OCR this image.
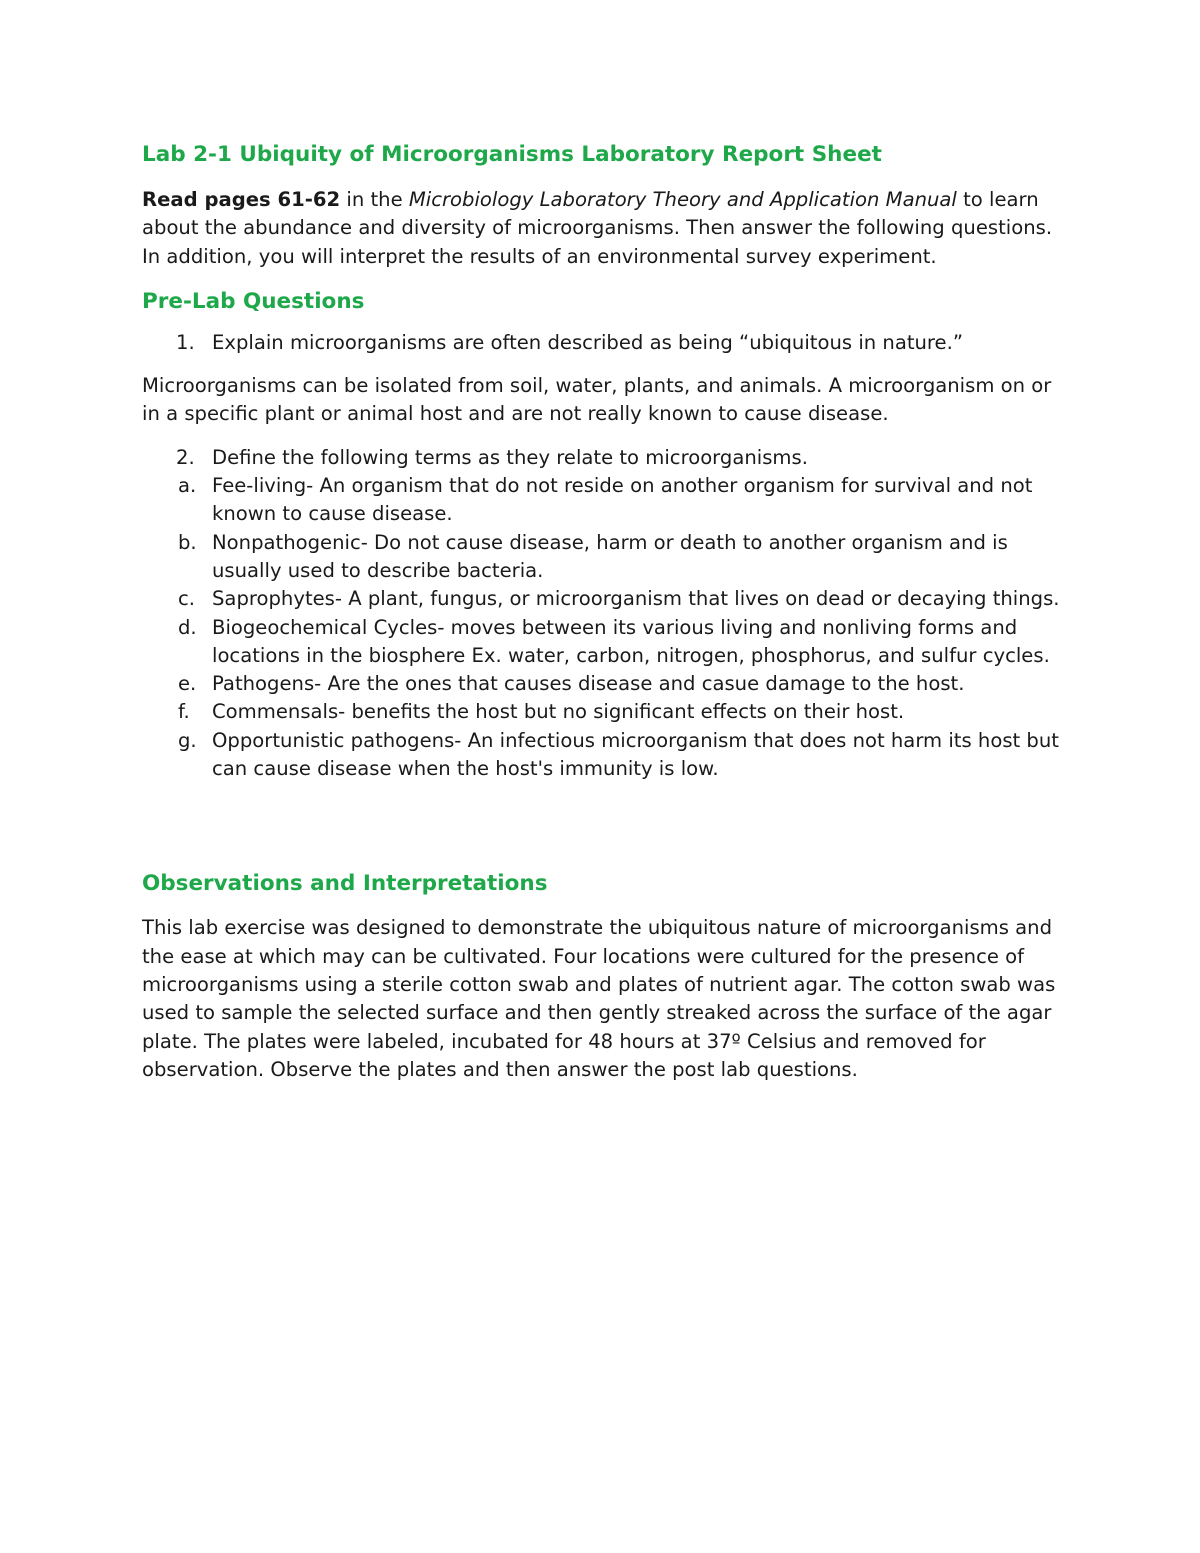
Lab 2-1 Ubiquity of Microorganisms Laboratory Report Sheet

Read pages 61-62 in the Microbiology Laboratory Theory and Application Manual to learn about the abundance and diversity of microorganisms. Then answer the following questions. In addition, you will interpret the results of an environmental survey experiment.

Pre-Lab Questions
1. Explain microorganisms are often described as being “ubiquitous in nature.”

Microorganisms can be isolated from soil, water, plants, and animals. A microorganism on or in a specific plant or animal host and are not really known to cause disease.

2. Define the following terms as they relate to microorganisms.
a. Fee-living- An organism that do not reside on another organism for survival and not known to cause disease.
b. Nonpathogenic- Do not cause disease, harm or death to another organism and is usually used to describe bacteria.
c. Saprophytes- A plant, fungus, or microorganism that lives on dead or decaying things.
d. Biogeochemical Cycles- moves between its various living and nonliving forms and locations in the biosphere Ex. water, carbon, nitrogen, phosphorus, and sulfur cycles.
e. Pathogens- Are the ones that causes disease and casue damage to the host.
f. Commensals- benefits the host but no significant effects on their host.
g. Opportunistic pathogens- An infectious microorganism that does not harm its host but can cause disease when the host's immunity is low.
Observations and Interpretations

This lab exercise was designed to demonstrate the ubiquitous nature of microorganisms and the ease at which may can be cultivated. Four locations were cultured for the presence of microorganisms using a sterile cotton swab and plates of nutrient agar. The cotton swab was used to sample the selected surface and then gently streaked across the surface of the agar plate. The plates were labeled, incubated for 48 hours at 37º Celsius and removed for observation. Observe the plates and then answer the post lab questions.
